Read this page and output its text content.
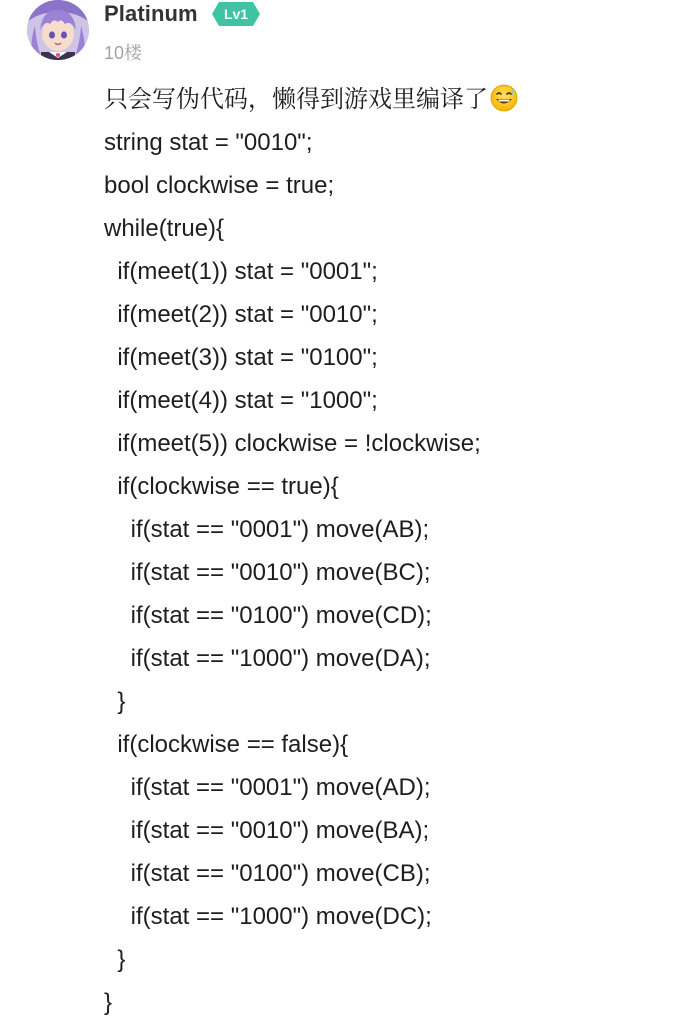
Platinum	Lv1
10楼
只会写伪代码，懒得到游戏里编译了
string stat = "0010";
bool clockwise = true;
while(true){
if(meet(1)) stat = "0001";
if(meet(2)) stat = "0010";
if(meet(3)) stat = "0100";
if(meet(4)) stat = "1000";
if(meet(5)) clockwise = !clockwise;
if(clockwise == true){
if(stat == "0001") move(AB);
if(stat == "0010") move(BC);
if(stat == "0100") move(CD);
if(stat == "1000") move(DA);
}
if(clockwise == false){
if(stat == "0001") move(AD);
if(stat == "0010") move(BA);
if(stat == "0100") move(CB);
if(stat == "1000") move(DC);
}
}
